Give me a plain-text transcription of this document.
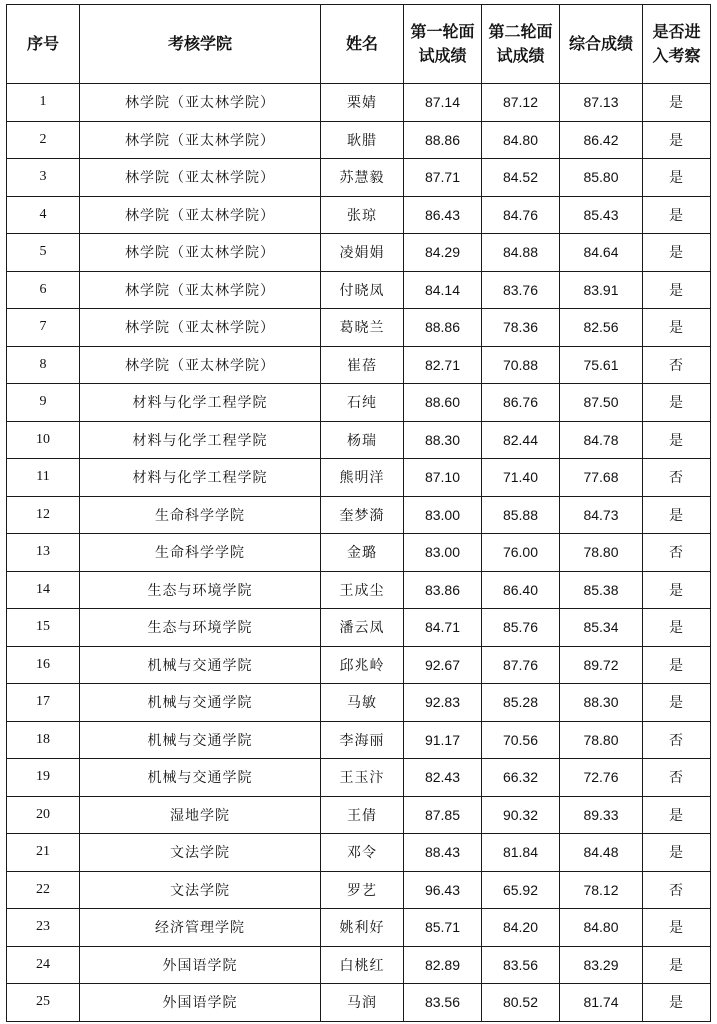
序号	考核学院	姓名	第一轮面试成绩	第二轮面试成绩	综合成绩	是否进入考察
1	林学院（亚太林学院）	栗婧	87.14	87.12	87.13	是
2	林学院（亚太林学院）	耿腊	88.86	84.80	86.42	是
3	林学院（亚太林学院）	苏慧毅	87.71	84.52	85.80	是
4	林学院（亚太林学院）	张琼	86.43	84.76	85.43	是
5	林学院（亚太林学院）	凌娟娟	84.29	84.88	84.64	是
6	林学院（亚太林学院）	付晓凤	84.14	83.76	83.91	是
7	林学院（亚太林学院）	葛晓兰	88.86	78.36	82.56	是
8	林学院（亚太林学院）	崔蓓	82.71	70.88	75.61	否
9	材料与化学工程学院	石纯	88.60	86.76	87.50	是
10	材料与化学工程学院	杨瑞	88.30	82.44	84.78	是
11	材料与化学工程学院	熊明洋	87.10	71.40	77.68	否
12	生命科学学院	奎梦漪	83.00	85.88	84.73	是
13	生命科学学院	金璐	83.00	76.00	78.80	否
14	生态与环境学院	王成尘	83.86	86.40	85.38	是
15	生态与环境学院	潘云凤	84.71	85.76	85.34	是
16	机械与交通学院	邱兆岭	92.67	87.76	89.72	是
17	机械与交通学院	马敏	92.83	85.28	88.30	是
18	机械与交通学院	李海丽	91.17	70.56	78.80	否
19	机械与交通学院	王玉汴	82.43	66.32	72.76	否
20	湿地学院	王倩	87.85	90.32	89.33	是
21	文法学院	邓令	88.43	81.84	84.48	是
22	文法学院	罗艺	96.43	65.92	78.12	否
23	经济管理学院	姚利好	85.71	84.20	84.80	是
24	外国语学院	白桃红	82.89	83.56	83.29	是
25	外国语学院	马润	83.56	80.52	81.74	是
